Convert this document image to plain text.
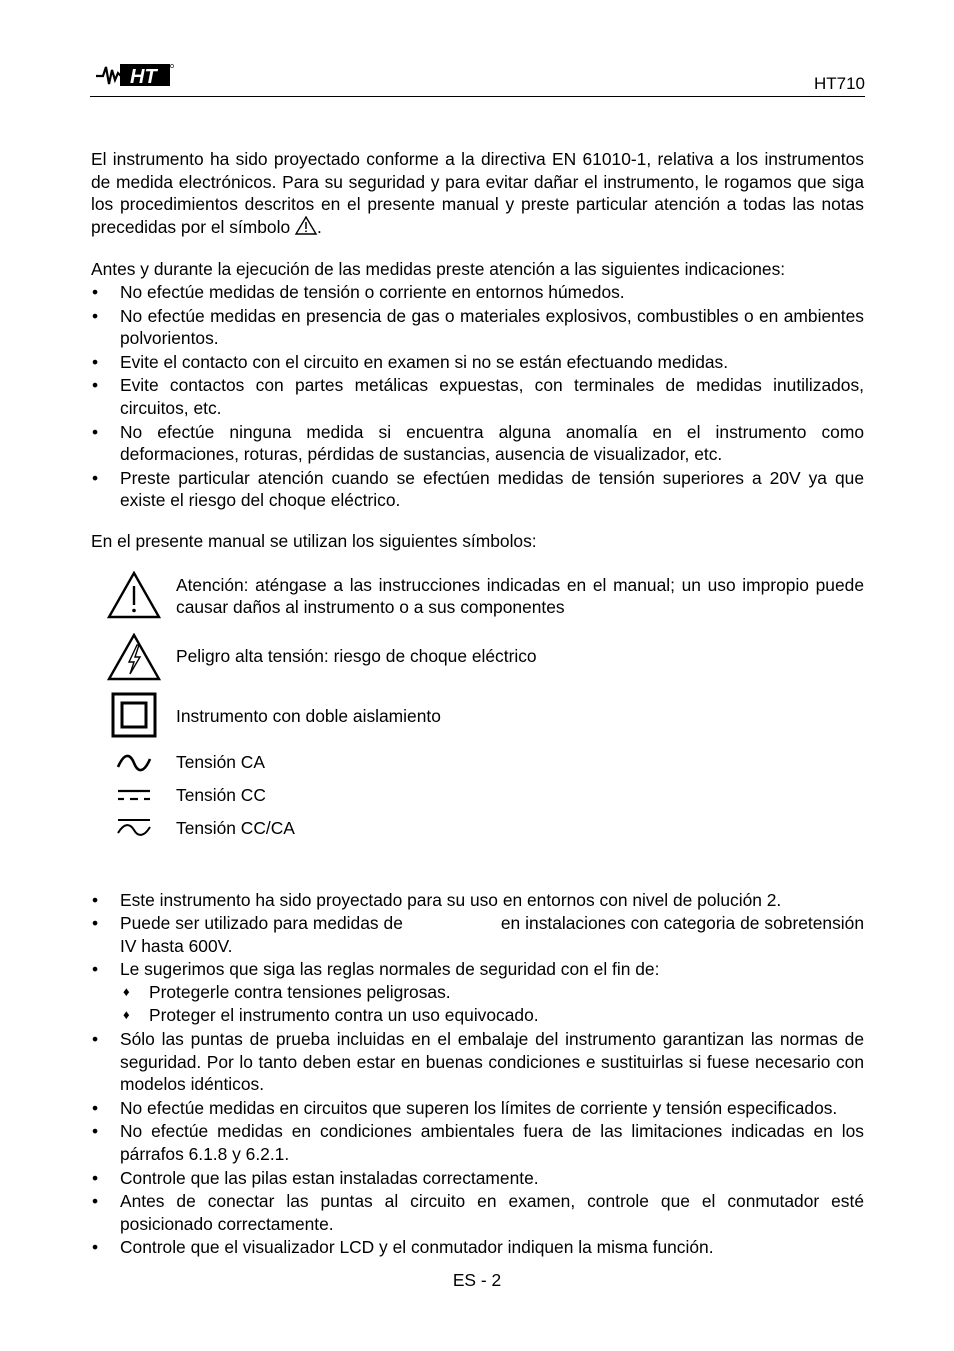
HT	HT710

El instrumento ha sido proyectado conforme a la directiva EN 61010-1, relativa a los instrumentos de medida electrónicos. Para su seguridad y para evitar dañar el instrumento, le rogamos que siga los procedimientos descritos en el presente manual y preste particular atención a todas las notas precedidas por el símbolo .

Antes y durante la ejecución de las medidas preste atención a las siguientes indicaciones:

• No efectúe medidas de tensión o corriente en entornos húmedos.
• No efectúe medidas en presencia de gas o materiales explosivos, combustibles o en ambientes polvorientos.
• Evite el contacto con el circuito en examen si no se están efectuando medidas.
• Evite contactos con partes metálicas expuestas, con terminales de medidas inutilizados, circuitos, etc.
• No efectúe ninguna medida si encuentra alguna anomalía en el instrumento como deformaciones, roturas, pérdidas de sustancias, ausencia de visualizador, etc.
• Preste particular atención cuando se efectúen medidas de tensión superiores a 20V ya que existe el riesgo del choque eléctrico.

En el presente manual se utilizan los siguientes símbolos:

Atención: aténgase a las instrucciones indicadas en el manual; un uso impropio puede causar daños al instrumento o a sus componentes
Peligro alta tensión: riesgo de choque eléctrico
Instrumento con doble aislamiento
Tensión CA
Tensión CC
Tensión CC/CA
• Este instrumento ha sido proyectado para su uso en entornos con nivel de polución 2.
• Puede ser utilizado para medidas de	en instalaciones con categoria de sobretensión IV hasta 600V.
• Le sugerimos que siga las reglas normales de seguridad con el fin de:
♦ Protegerle contra tensiones peligrosas.
♦ Proteger el instrumento contra un uso equivocado.
• Sólo las puntas de prueba incluidas en el embalaje del instrumento garantizan las normas de seguridad. Por lo tanto deben estar en buenas condiciones e sustituirlas si fuese necesario con modelos idénticos.
• No efectúe medidas en circuitos que superen los límites de corriente y tensión especificados.
• No efectúe medidas en condiciones ambientales fuera de las limitaciones indicadas en los párrafos 6.1.8 y 6.2.1.
• Controle que las pilas estan instaladas correctamente.
• Antes de conectar las puntas al circuito en examen, controle que el conmutador esté posicionado correctamente.
• Controle que el visualizador LCD y el conmutador indiquen la misma función.
ES - 2
